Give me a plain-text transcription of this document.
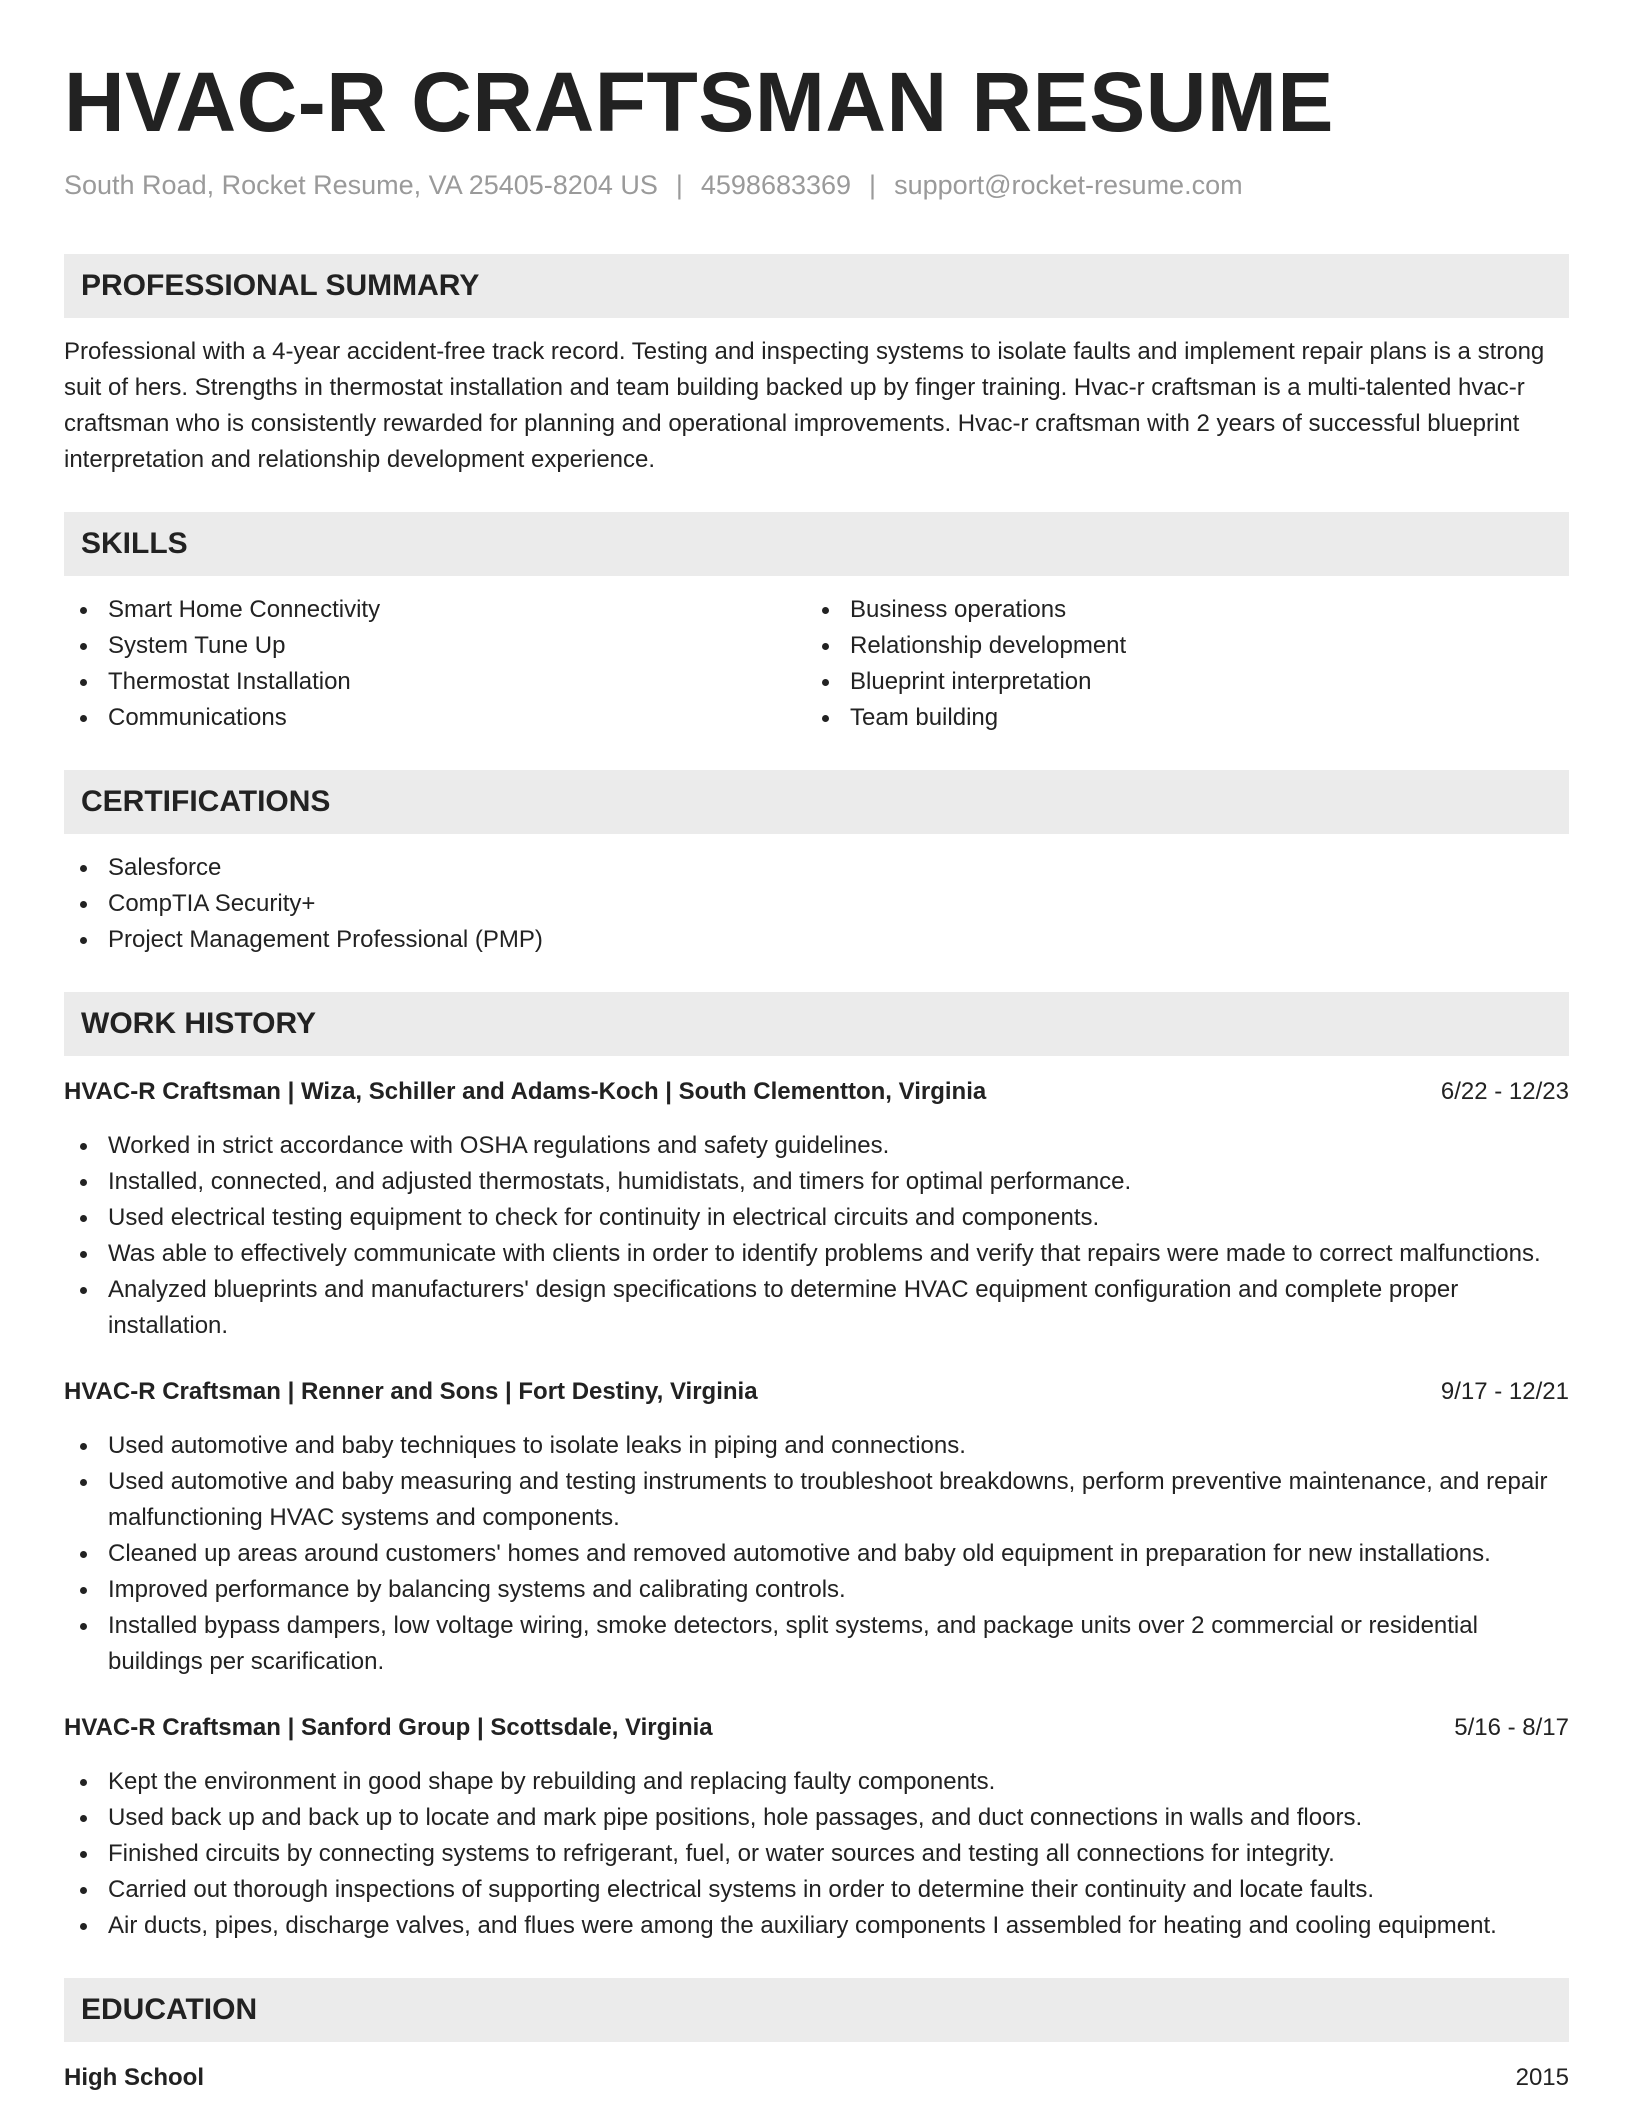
HVAC-R CRAFTSMAN RESUME
South Road, Rocket Resume, VA 25405-8204 US | 4598683369 | support@rocket-resume.com
PROFESSIONAL SUMMARY
Professional with a 4-year accident-free track record. Testing and inspecting systems to isolate faults and implement repair plans is a strong suit of hers. Strengths in thermostat installation and team building backed up by finger training. Hvac-r craftsman is a multi-talented hvac-r craftsman who is consistently rewarded for planning and operational improvements. Hvac-r craftsman with 2 years of successful blueprint interpretation and relationship development experience.
SKILLS
Smart Home Connectivity
System Tune Up
Thermostat Installation
Communications
Business operations
Relationship development
Blueprint interpretation
Team building
CERTIFICATIONS
Salesforce
CompTIA Security+
Project Management Professional (PMP)
WORK HISTORY
HVAC-R Craftsman | Wiza, Schiller and Adams-Koch | South Clementton, Virginia	6/22 - 12/23
Worked in strict accordance with OSHA regulations and safety guidelines.
Installed, connected, and adjusted thermostats, humidistats, and timers for optimal performance.
Used electrical testing equipment to check for continuity in electrical circuits and components.
Was able to effectively communicate with clients in order to identify problems and verify that repairs were made to correct malfunctions.
Analyzed blueprints and manufacturers' design specifications to determine HVAC equipment configuration and complete proper installation.
HVAC-R Craftsman | Renner and Sons | Fort Destiny, Virginia	9/17 - 12/21
Used automotive and baby techniques to isolate leaks in piping and connections.
Used automotive and baby measuring and testing instruments to troubleshoot breakdowns, perform preventive maintenance, and repair malfunctioning HVAC systems and components.
Cleaned up areas around customers' homes and removed automotive and baby old equipment in preparation for new installations.
Improved performance by balancing systems and calibrating controls.
Installed bypass dampers, low voltage wiring, smoke detectors, split systems, and package units over 2 commercial or residential buildings per scarification.
HVAC-R Craftsman | Sanford Group | Scottsdale, Virginia	5/16 - 8/17
Kept the environment in good shape by rebuilding and replacing faulty components.
Used back up and back up to locate and mark pipe positions, hole passages, and duct connections in walls and floors.
Finished circuits by connecting systems to refrigerant, fuel, or water sources and testing all connections for integrity.
Carried out thorough inspections of supporting electrical systems in order to determine their continuity and locate faults.
Air ducts, pipes, discharge valves, and flues were among the auxiliary components I assembled for heating and cooling equipment.
EDUCATION
High School	2015
